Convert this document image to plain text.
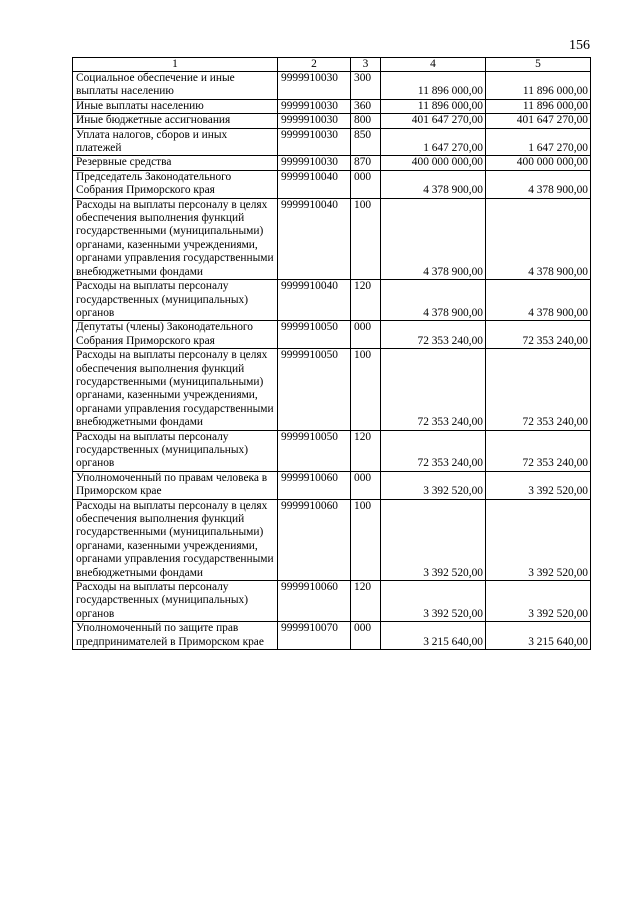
156
1	2	3	4	5
Социальное обеспечение и иные выплаты населению	9999910030	300	11 896 000,00	11 896 000,00
Иные выплаты населению	9999910030	360	11 896 000,00	11 896 000,00
Иные бюджетные ассигнования	9999910030	800	401 647 270,00	401 647 270,00
Уплата налогов, сборов и иных платежей	9999910030	850	1 647 270,00	1 647 270,00
Резервные средства	9999910030	870	400 000 000,00	400 000 000,00
Председатель Законодательного Собрания Приморского края	9999910040	000	4 378 900,00	4 378 900,00
Расходы на выплаты персоналу в целях обеспечения выполнения функций государственными (муниципальными) органами, казенными учреждениями, органами управления государственными внебюджетными фондами	9999910040	100	4 378 900,00	4 378 900,00
Расходы на выплаты персоналу государственных (муниципальных) органов	9999910040	120	4 378 900,00	4 378 900,00
Депутаты (члены) Законодательного Собрания Приморского края	9999910050	000	72 353 240,00	72 353 240,00
Расходы на выплаты персоналу в целях обеспечения выполнения функций государственными (муниципальными) органами, казенными учреждениями, органами управления государственными внебюджетными фондами	9999910050	100	72 353 240,00	72 353 240,00
Расходы на выплаты персоналу государственных (муниципальных) органов	9999910050	120	72 353 240,00	72 353 240,00
Уполномоченный по правам человека в Приморском крае	9999910060	000	3 392 520,00	3 392 520,00
Расходы на выплаты персоналу в целях обеспечения выполнения функций государственными (муниципальными) органами, казенными учреждениями, органами управления государственными внебюджетными фондами	9999910060	100	3 392 520,00	3 392 520,00
Расходы на выплаты персоналу государственных (муниципальных) органов	9999910060	120	3 392 520,00	3 392 520,00
Уполномоченный по защите прав предпринимателей в Приморском крае	9999910070	000	3 215 640,00	3 215 640,00
